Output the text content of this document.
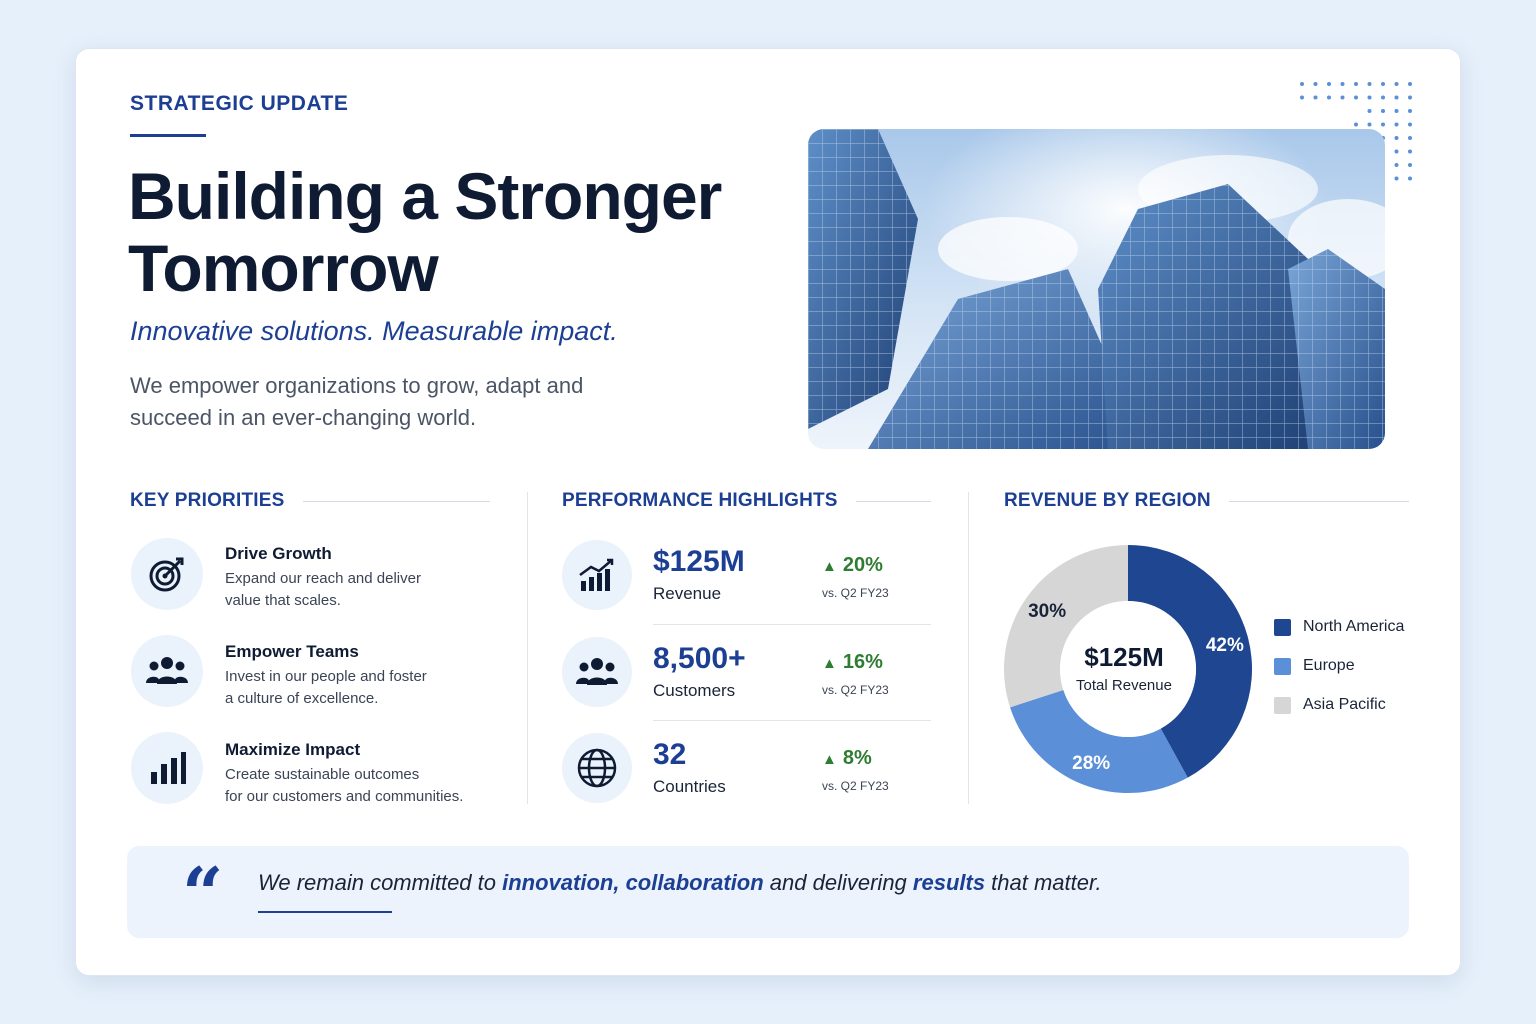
STRATEGIC UPDATE
Building a Stronger
Tomorrow
Innovative solutions. Measurable impact.
We empower organizations to grow, adapt and
succeed in an ever-changing world.
KEY PRIORITIES	PERFORMANCE HIGHLIGHTS	REVENUE BY REGION
Drive Growth
Expand our reach and deliver
value that scales.
Empower Teams
Invest in our people and foster
a culture of excellence.
Maximize Impact
Create sustainable outcomes
for our customers and communities.
$125M
Revenue
▲ 20%
vs. Q2 FY23
8,500+
Customers
▲ 16%
vs. Q2 FY23
32
Countries
▲ 8%
vs. Q2 FY23
$125M
Total Revenue
42%
28%
30%
North America
Europe
Asia Pacific
“ We remain committed to innovation, collaboration and delivering results that matter.
